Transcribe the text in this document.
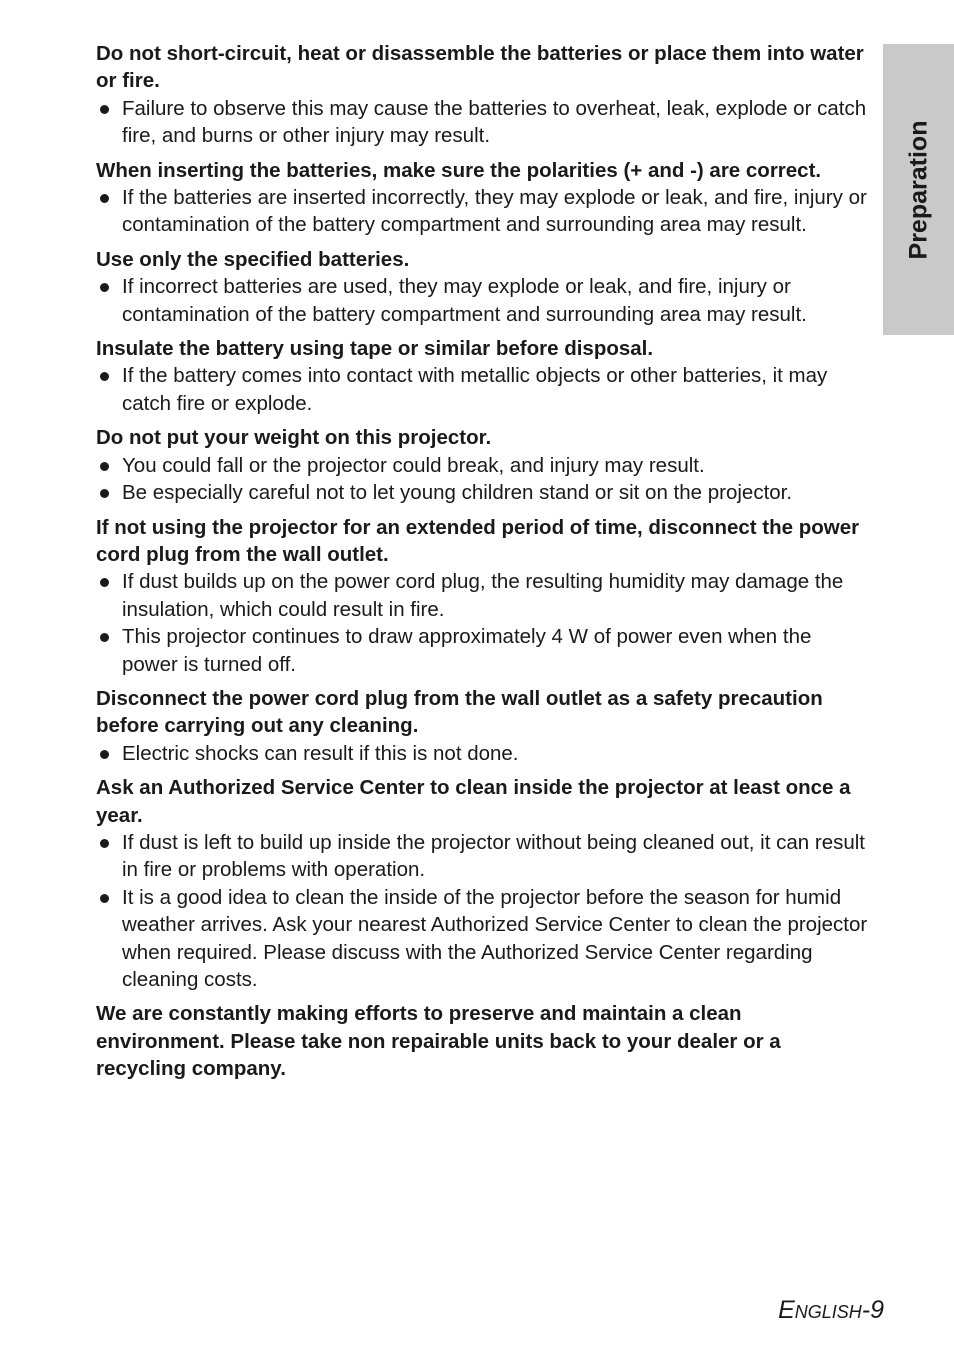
Do not short-circuit, heat or disassemble the batteries or place them into water or fire.

Failure to observe this may cause the batteries to overheat, leak, explode or catch fire, and burns or other injury may result.

When inserting the batteries, make sure the polarities (+ and -) are correct.

If the batteries are inserted incorrectly, they may explode or leak, and fire, injury or contamination of the battery compartment and surrounding area may result.

Use only the specified batteries.

If incorrect batteries are used, they may explode or leak, and fire, injury or contamination of the battery compartment and surrounding area may result.

Insulate the battery using tape or similar before disposal.

If the battery comes into contact with metallic objects or other batteries, it may catch fire or explode.

Do not put your weight on this projector.

You could fall or the projector could break, and injury may result.
Be especially careful not to let young children stand or sit on the projector.

If not using the projector for an extended period of time, disconnect the power cord plug from the wall outlet.

If dust builds up on the power cord plug, the resulting humidity may damage the insulation, which could result in fire.
This projector continues to draw approximately 4 W of power even when the power is turned off.

Disconnect the power cord plug from the wall outlet as a safety precaution before carrying out any cleaning.

Electric shocks can result if this is not done.

Ask an Authorized Service Center to clean inside the projector at least once a year.

If dust is left to build up inside the projector without being cleaned out, it can result in fire or problems with operation.
It is a good idea to clean the inside of the projector before the season for humid weather arrives. Ask your nearest Authorized Service Center to clean the projector when required. Please discuss with the Authorized Service Center regarding cleaning costs.

We are constantly making efforts to preserve and maintain a clean environment. Please take non repairable units back to your dealer or a recycling company.

Preparation
English-9
